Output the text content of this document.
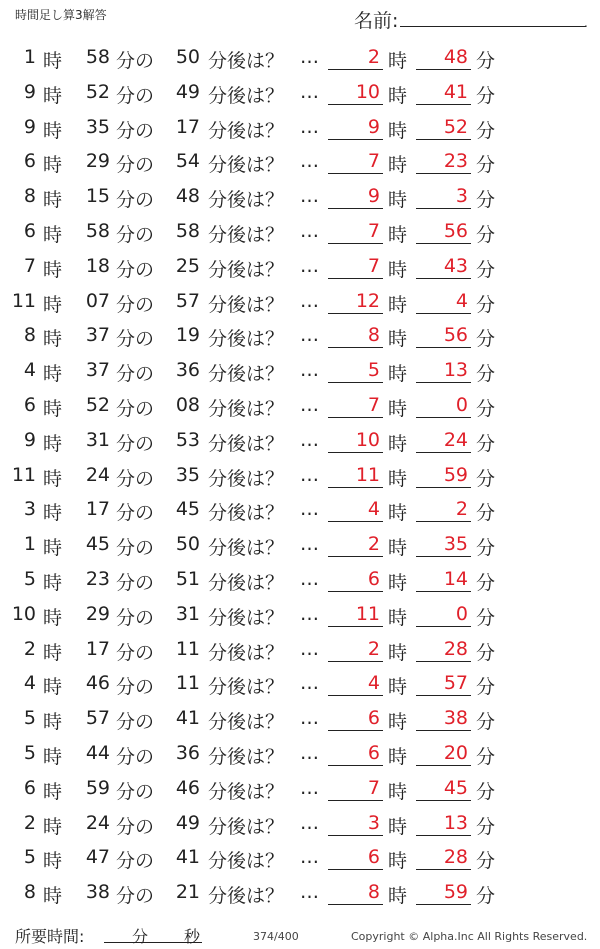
時間足し算3解答	名前:	.
1 時	58 分の	50 分後は？ …	2 時	48 分
9 時	52 分の	49 分後は？ …	10 時	41 分
9 時	35 分の	17 分後は？ …	9 時	52 分
6 時	29 分の	54 分後は？ …	7 時	23 分
8 時	15 分の	48 分後は？ …	9 時	3 分
6 時	58 分の	58 分後は？ …	7 時	56 分
7 時	18 分の	25 分後は？ …	7 時	43 分
11 時	07 分の	57 分後は？ …	12 時	4 分
8 時	37 分の	19 分後は？ …	8 時	56 分
4 時	37 分の	36 分後は？ …	5 時	13 分
6 時	52 分の	08 分後は？ …	7 時	0 分
9 時	31 分の	53 分後は？ …	10 時	24 分
11 時	24 分の	35 分後は？ …	11 時	59 分
3 時	17 分の	45 分後は？ …	4 時	2 分
1 時	45 分の	50 分後は？ …	2 時	35 分
5 時	23 分の	51 分後は？ …	6 時	14 分
10 時	29 分の	31 分後は？ …	11 時	0 分
2 時	17 分の	11 分後は？ …	2 時	28 分
4 時	46 分の	11 分後は？ …	4 時	57 分
5 時	57 分の	41 分後は？ …	6 時	38 分
5 時	44 分の	36 分後は？ …	6 時	20 分
6 時	59 分の	46 分後は？ …	7 時	45 分
2 時	24 分の	49 分後は？ …	3 時	13 分
5 時	47 分の	41 分後は？ …	6 時	28 分
8 時	38 分の	21 分後は？ …	8 時	59 分
所要時間:	分 秒	374/400	Copyright © Alpha.Inc All Rights Reserved.
